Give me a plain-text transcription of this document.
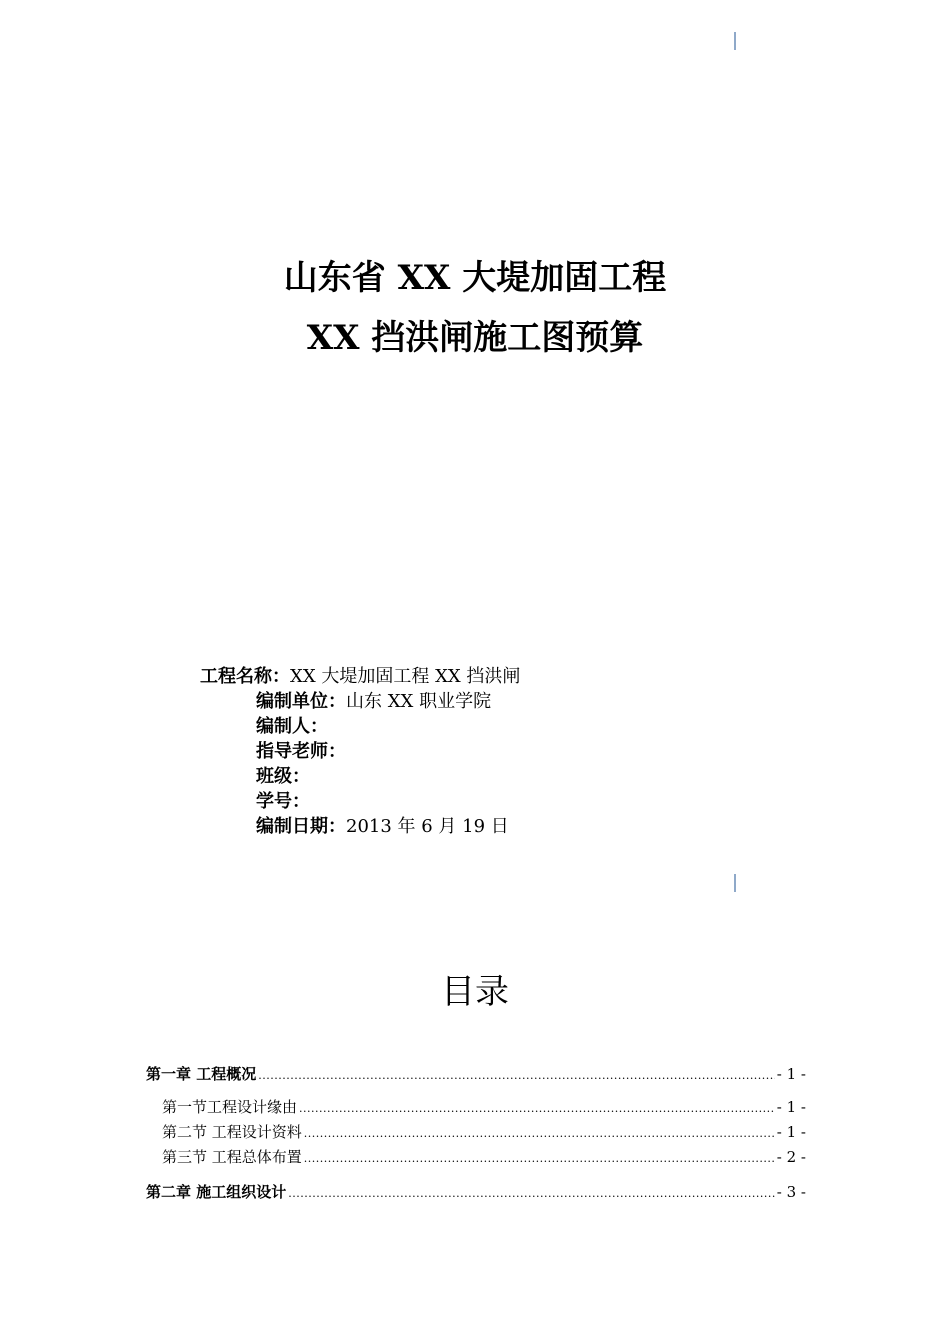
山东省 XX 大堤加固工程
XX 挡洪闸施工图预算
工程名称：XX 大堤加固工程 XX 挡洪闸
编制单位：山东 XX 职业学院
编制人：
指导老师：
班级：
学号：
编制日期：2013 年 6 月 19 日
目录
第一章 工程概况 .....	- 1 -
第一节工程设计缘由 .....	- 1 -
第二节 工程设计资料 .....	- 1 -
第三节 工程总体布置 .....	- 2 -
第二章 施工组织设计 .....	- 3 -
